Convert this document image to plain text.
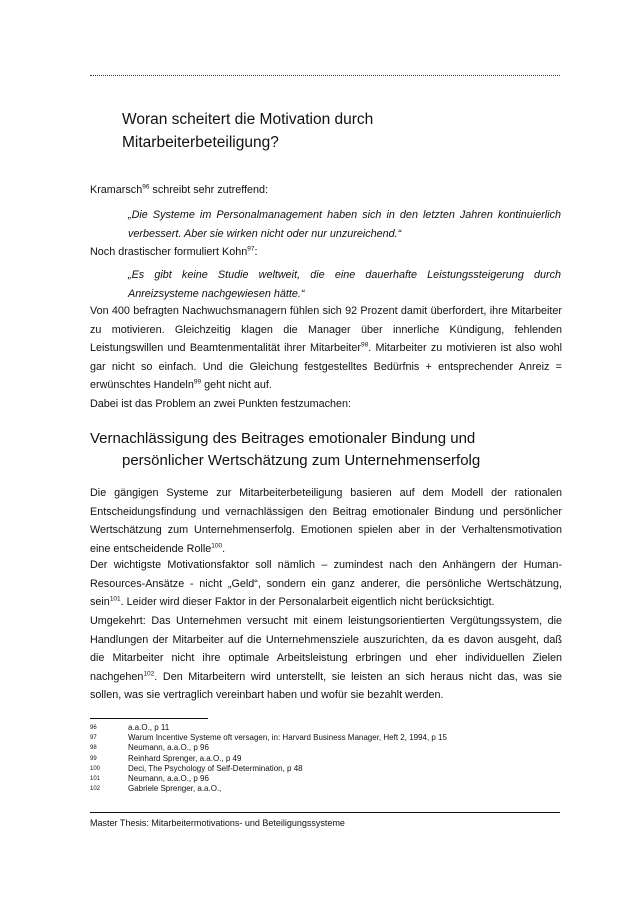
Woran scheitert die Motivation durch
Mitarbeiterbeteiligung?
Kramarsch$^{96}$ schreibt sehr zutreffend:
„Die Systeme im Personalmanagement haben sich in den letzten Jahren kontinuierlich verbessert. Aber sie wirken nicht oder nur unzureichend.“
Noch drastischer formuliert Kohn$^{97}$:
„Es gibt keine Studie weltweit, die eine dauerhafte Leistungssteigerung durch Anreizsysteme nachgewiesen hätte.“
Von 400 befragten Nachwuchsmanagern fühlen sich 92 Prozent damit überfordert, ihre Mitarbeiter zu motivieren. Gleichzeitig klagen die Manager über innerliche Kündigung, fehlenden Leistungswillen und Beamtenmentalität ihrer Mitarbeiter$^{98}$. Mitarbeiter zu motivieren ist also wohl gar nicht so einfach. Und die Gleichung festgestelltes Bedürfnis + entsprechender Anreiz = erwünschtes Handeln$^{99}$ geht nicht auf.
Dabei ist das Problem an zwei Punkten festzumachen:
Vernachlässigung des Beitrages emotionaler Bindung und
persönlicher Wertschätzung zum Unternehmenserfolg
Die gängigen Systeme zur Mitarbeiterbeteiligung basieren auf dem Modell der rationalen Entscheidungsfindung und vernachlässigen den Beitrag emotionaler Bindung und persönlicher Wertschätzung zum Unternehmenserfolg. Emotionen spielen aber in der Verhaltensmotivation eine entscheidende Rolle$^{100}$.
Der wichtigste Motivationsfaktor soll nämlich – zumindest nach den Anhängern der Human-Resources-Ansätze - nicht „Geld“, sondern ein ganz anderer, die persönliche Wertschätzung, sein$^{101}$. Leider wird dieser Faktor in der Personalarbeit eigentlich nicht berücksichtigt.
Umgekehrt: Das Unternehmen versucht mit einem leistungsorientierten Vergütungssystem, die Handlungen der Mitarbeiter auf die Unternehmensziele auszurichten, da es davon ausgeht, daß die Mitarbeiter nicht ihre optimale Arbeitsleistung erbringen und eher individuellen Zielen nachgehen$^{102}$. Den Mitarbeitern wird unterstellt, sie leisten an sich heraus nicht das, was sie sollen, was sie vertraglich vereinbart haben und wofür sie bezahlt werden.
96	a.a.O., p 11
97	Warum Incentive Systeme oft versagen, in: Harvard Business Manager, Heft 2, 1994, p 15
98	Neumann, a.a.O., p 96
99	Reinhard Sprenger, a.a.O., p 49
100	Deci, The Psychology of Self-Determination, p 48
101	Neumann, a.a.O., p 96
102	Gabriele Sprenger, a.a.O.,
Master Thesis: Mitarbeitermotivations- und Beteiligungssysteme
